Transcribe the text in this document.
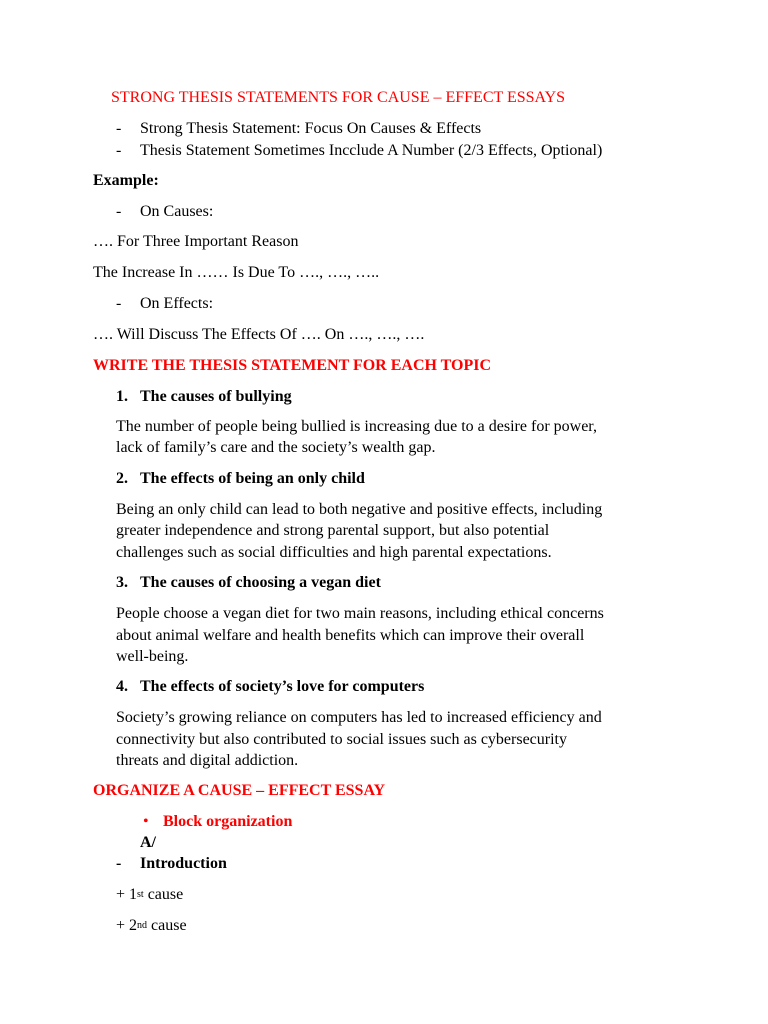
STRONG THESIS STATEMENTS FOR CAUSE – EFFECT ESSAYS
- Strong Thesis Statement: Focus On Causes & Effects
- Thesis Statement Sometimes Incclude A Number (2/3 Effects, Optional)
Example:
- On Causes:
…. For Three Important Reason
The Increase In …… Is Due To …., …., …..
- On Effects:
…. Will Discuss The Effects Of …. On …., …., ….
WRITE THE THESIS STATEMENT FOR EACH TOPIC
1. The causes of bullying
The number of people being bullied is increasing due to a desire for power,
lack of family’s care and the society’s wealth gap.
2. The effects of being an only child
Being an only child can lead to both negative and positive effects, including
greater independence and strong parental support, but also potential
challenges such as social difficulties and high parental expectations.
3. The causes of choosing a vegan diet
People choose a vegan diet for two main reasons, including ethical concerns
about animal welfare and health benefits which can improve their overall
well-being.
4. The effects of society’s love for computers
Society’s growing reliance on computers has led to increased efficiency and
connectivity but also contributed to social issues such as cybersecurity
threats and digital addiction.
ORGANIZE A CAUSE – EFFECT ESSAY
• Block organization
A/
- Introduction
+ 1st cause
+ 2nd cause
